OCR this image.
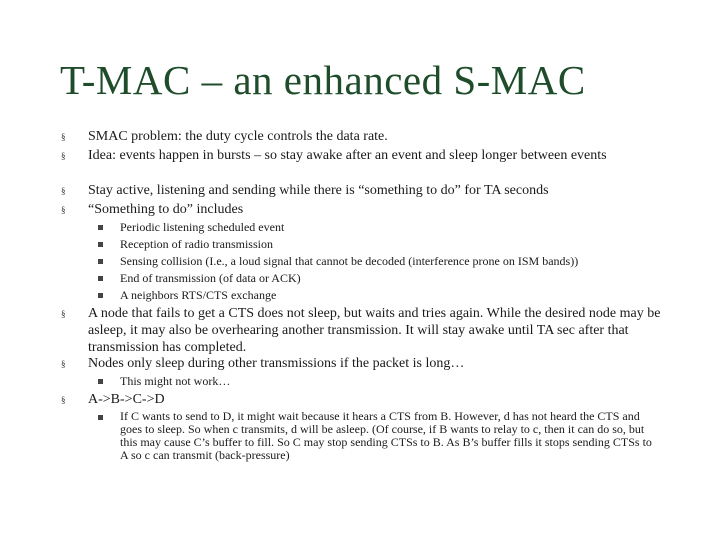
T-MAC – an enhanced S-MAC
§ SMAC problem: the duty cycle controls the data rate.
§ Idea: events happen in bursts – so stay awake after an event and sleep longer between events
§ Stay active, listening and sending while there is “something to do” for TA seconds
§ “Something to do” includes
Periodic listening scheduled event
Reception of radio transmission
Sensing collision (I.e., a loud signal that cannot be decoded (interference prone on ISM bands))
End of transmission (of data or ACK)
A neighbors RTS/CTS exchange
§ A node that fails to get a CTS does not sleep, but waits and tries again. While the desired node may be asleep, it may also be overhearing another transmission. It will stay awake until TA sec after that transmission has completed.
§ Nodes only sleep during other transmissions if the packet is long…
This might not work…
§ A->B->C->D
If C wants to send to D, it might wait because it hears a CTS from B. However, d has not heard the CTS and goes to sleep. So when c transmits, d will be asleep. (Of course, if B wants to relay to c, then it can do so, but this may cause C’s buffer to fill. So C may stop sending CTSs to B. As B’s buffer fills it stops sending CTSs to A so c can transmit (back-pressure)
